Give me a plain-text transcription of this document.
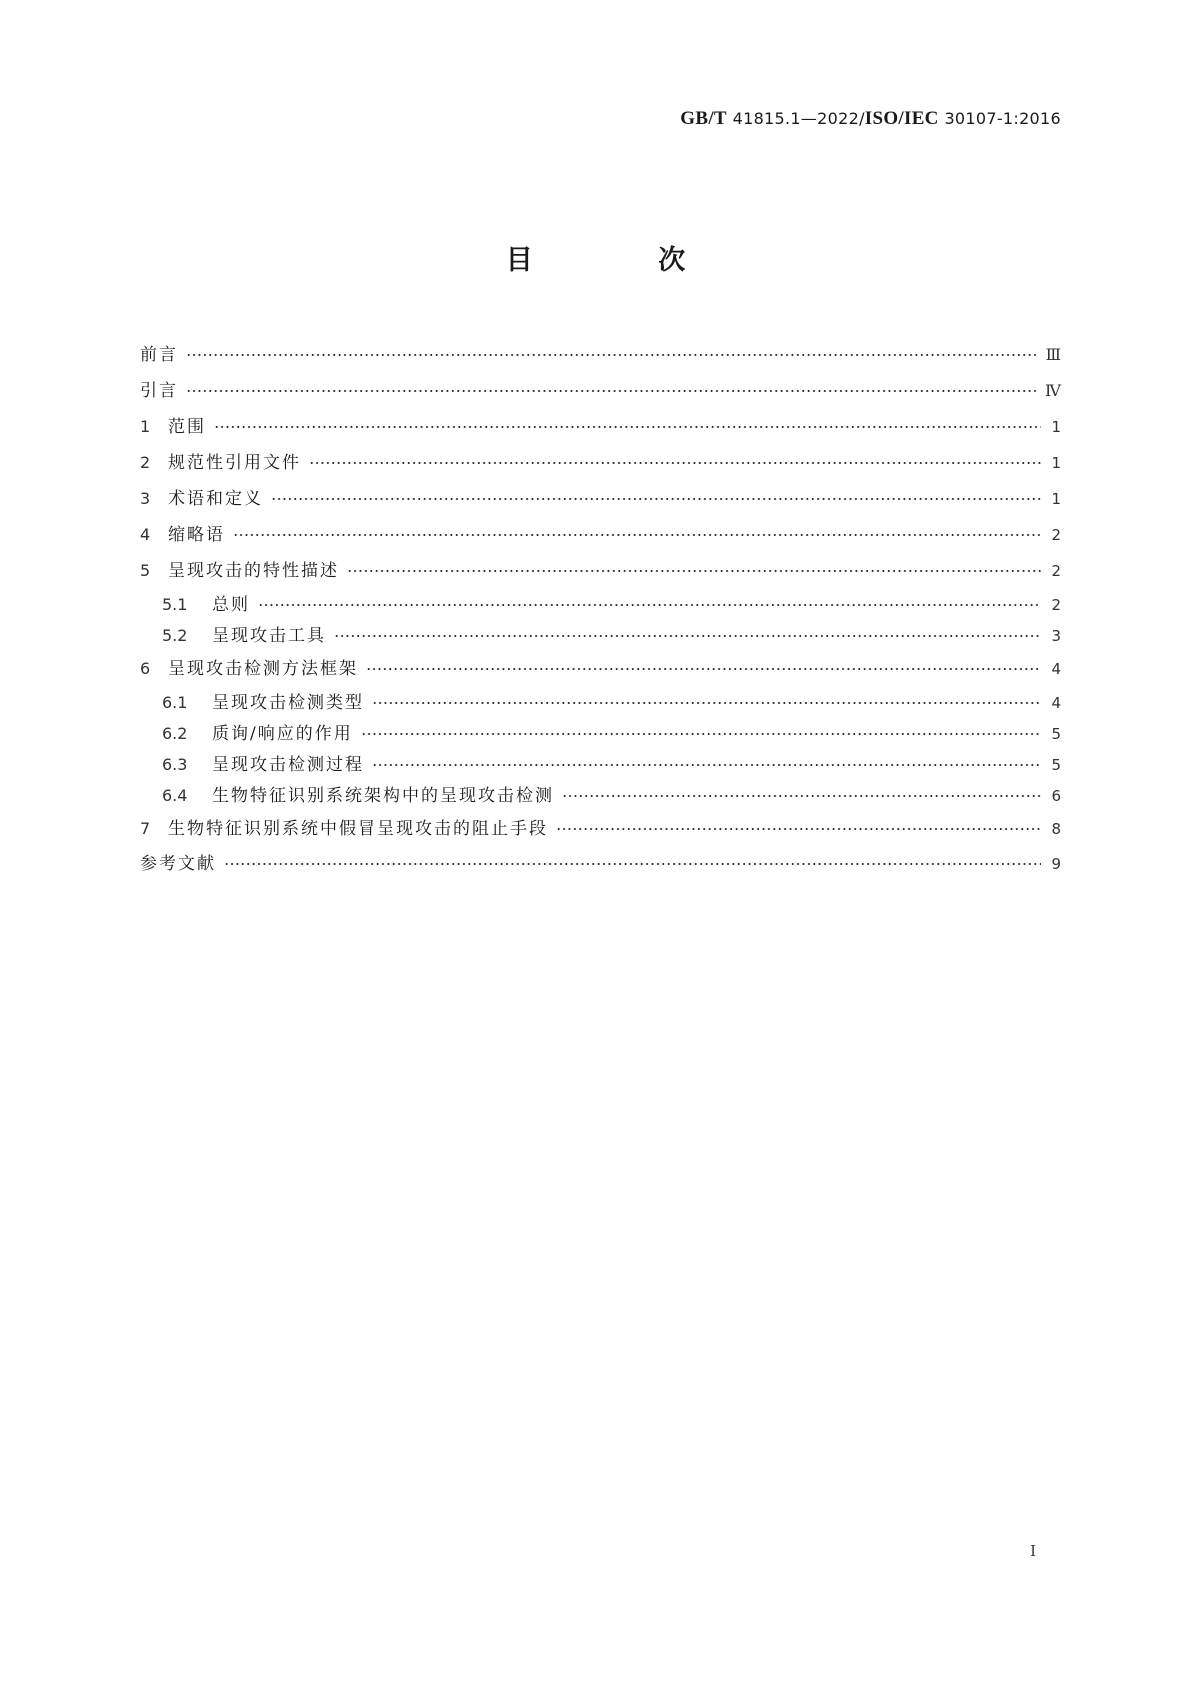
GB/T 41815.1—2022/ISO/IEC 30107-1:2016
目 次
前言	Ⅲ
引言	Ⅳ
1	范围	1
2	规范性引用文件	1
3	术语和定义	1
4	缩略语	2
5	呈现攻击的特性描述	2
5.1	总则	2
5.2	呈现攻击工具	3
6	呈现攻击检测方法框架	4
6.1	呈现攻击检测类型	4
6.2	质询/响应的作用	5
6.3	呈现攻击检测过程	5
6.4	生物特征识别系统架构中的呈现攻击检测	6
7	生物特征识别系统中假冒呈现攻击的阻止手段	8
参考文献	9
Ⅰ
